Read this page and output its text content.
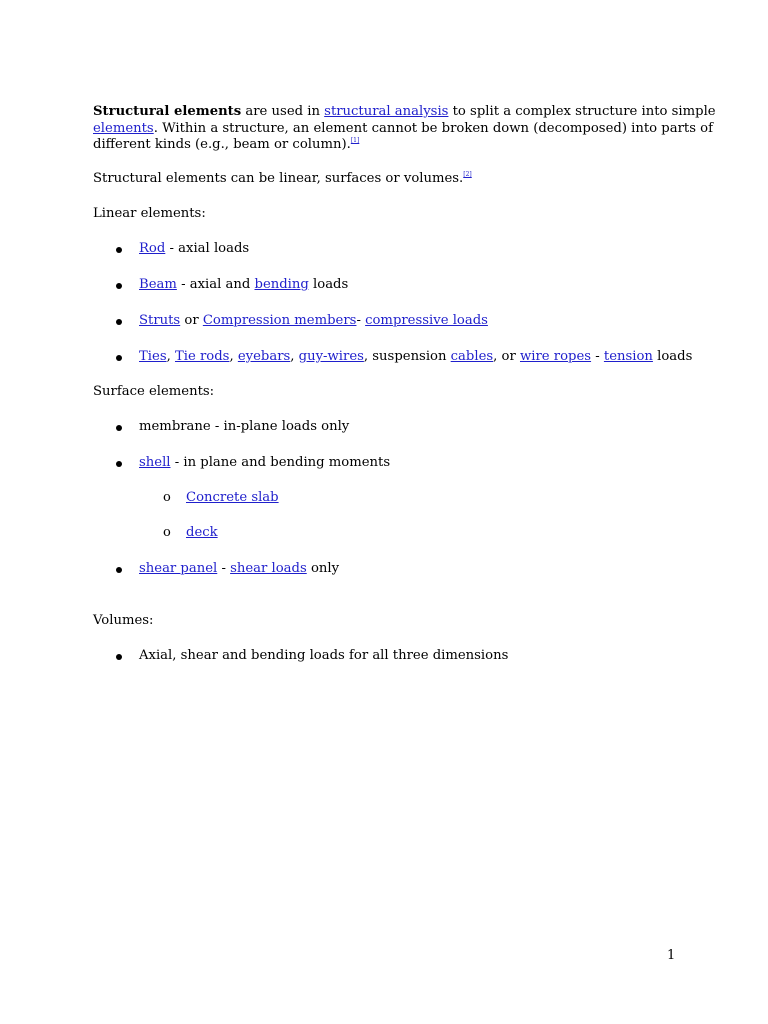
Structural elements are used in structural analysis to split a complex structure into simple
elements. Within a structure, an element cannot be broken down (decomposed) into parts of
different kinds (e.g., beam or column).[1]
Structural elements can be linear, surfaces or volumes.[2]
Linear elements:
Rod - axial loads
Beam - axial and bending loads
Struts or Compression members- compressive loads
Ties, Tie rods, eyebars, guy-wires, suspension cables, or wire ropes - tension loads
Surface elements:
membrane - in-plane loads only
shell - in plane and bending moments
o Concrete slab
o deck
shear panel - shear loads only
Volumes:
Axial, shear and bending loads for all three dimensions
1
